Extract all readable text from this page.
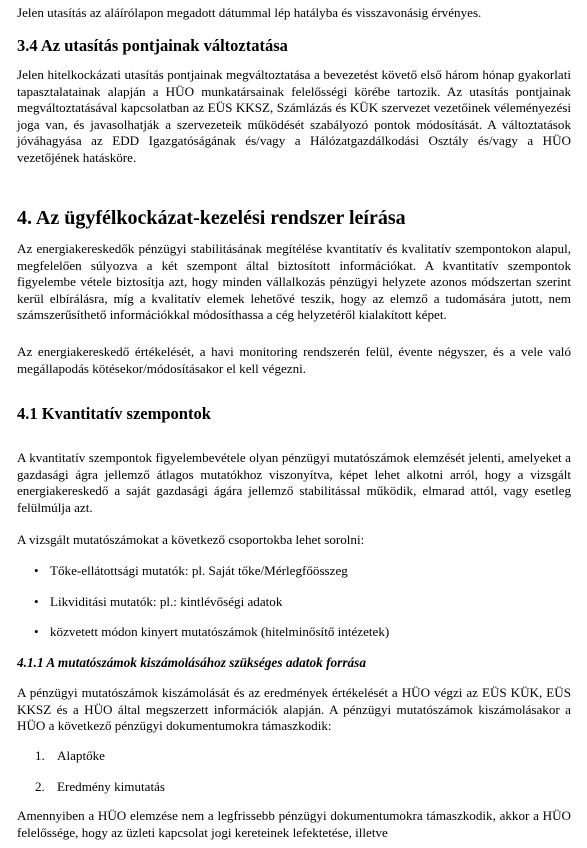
Jelen utasítás az aláírólapon megadott dátummal lép hatályba és visszavonásig érvényes.

3.4 Az utasítás pontjainak változtatása

Jelen hitelkockázati utasítás pontjainak megváltoztatása a bevezetést követő első három hónap gyakorlati tapasztalatainak alapján a HÜO munkatársainak felelősségi körébe tartozik. Az utasítás pontjainak megváltoztatásával kapcsolatban az EÜS KKSZ, Számlázás és KÜK szervezet vezetőinek véleményezési joga van, és javasolhatják a szervezeteik működését szabályozó pontok módosítását. A változtatások jóváhagyása az EDD Igazgatóságának és/vagy a Hálózatgazdálkodási Osztály és/vagy a HÜO vezetőjének hatásköre.

4. Az ügyfélkockázat-kezelési rendszer leírása

Az energiakereskedők pénzügyi stabilitásának megítélése kvantitatív és kvalitatív szempontokon alapul, megfelelően súlyozva a két szempont által biztosított információkat. A kvantitatív szempontok figyelembe vétele biztosítja azt, hogy minden vállalkozás pénzügyi helyzete azonos módszertan szerint kerül elbírálásra, míg a kvalitatív elemek lehetővé teszik, hogy az elemző a tudomására jutott, nem számszerűsíthető információkkal módosíthassa a cég helyzetéről kialakított képet.

Az energiakereskedő értékelését, a havi monitoring rendszerén felül, évente négyszer, és a vele való megállapodás kötésekor/módosításakor el kell végezni.

4.1 Kvantitatív szempontok

A kvantitatív szempontok figyelembevétele olyan pénzügyi mutatószámok elemzését jelenti, amelyeket a gazdasági ágra jellemző átlagos mutatókhoz viszonyítva, képet lehet alkotni arról, hogy a vizsgált energiakereskedő a saját gazdasági ágára jellemző stabilitással működik, elmarad attól, vagy esetleg felülmúlja azt.

A vizsgált mutatószámokat a következő csoportokba lehet sorolni:

• Tőke-ellátottsági mutatók: pl. Saját tőke/Mérlegfőösszeg
• Likviditási mutatók: pl.: kintlévőségi adatok
• közvetett módon kinyert mutatószámok (hitelminősítő intézetek)
4.1.1 A mutatószámok kiszámolásához szükséges adatok forrása

A pénzügyi mutatószámok kiszámolását és az eredmények értékelését a HÜO végzi az EÜS KÜK, EÜS KKSZ és a HÜO által megszerzett információk alapján. A pénzügyi mutatószámok kiszámolásakor a HÜO a következő pénzügyi dokumentumokra támaszkodik:

1. Alaptőke
2. Eredmény kimutatás

Amennyiben a HÜO elemzése nem a legfrissebb pénzügyi dokumentumokra támaszkodik, akkor a HÜO felelőssége, hogy az üzleti kapcsolat jogi kereteinek lefektetése, illetve
